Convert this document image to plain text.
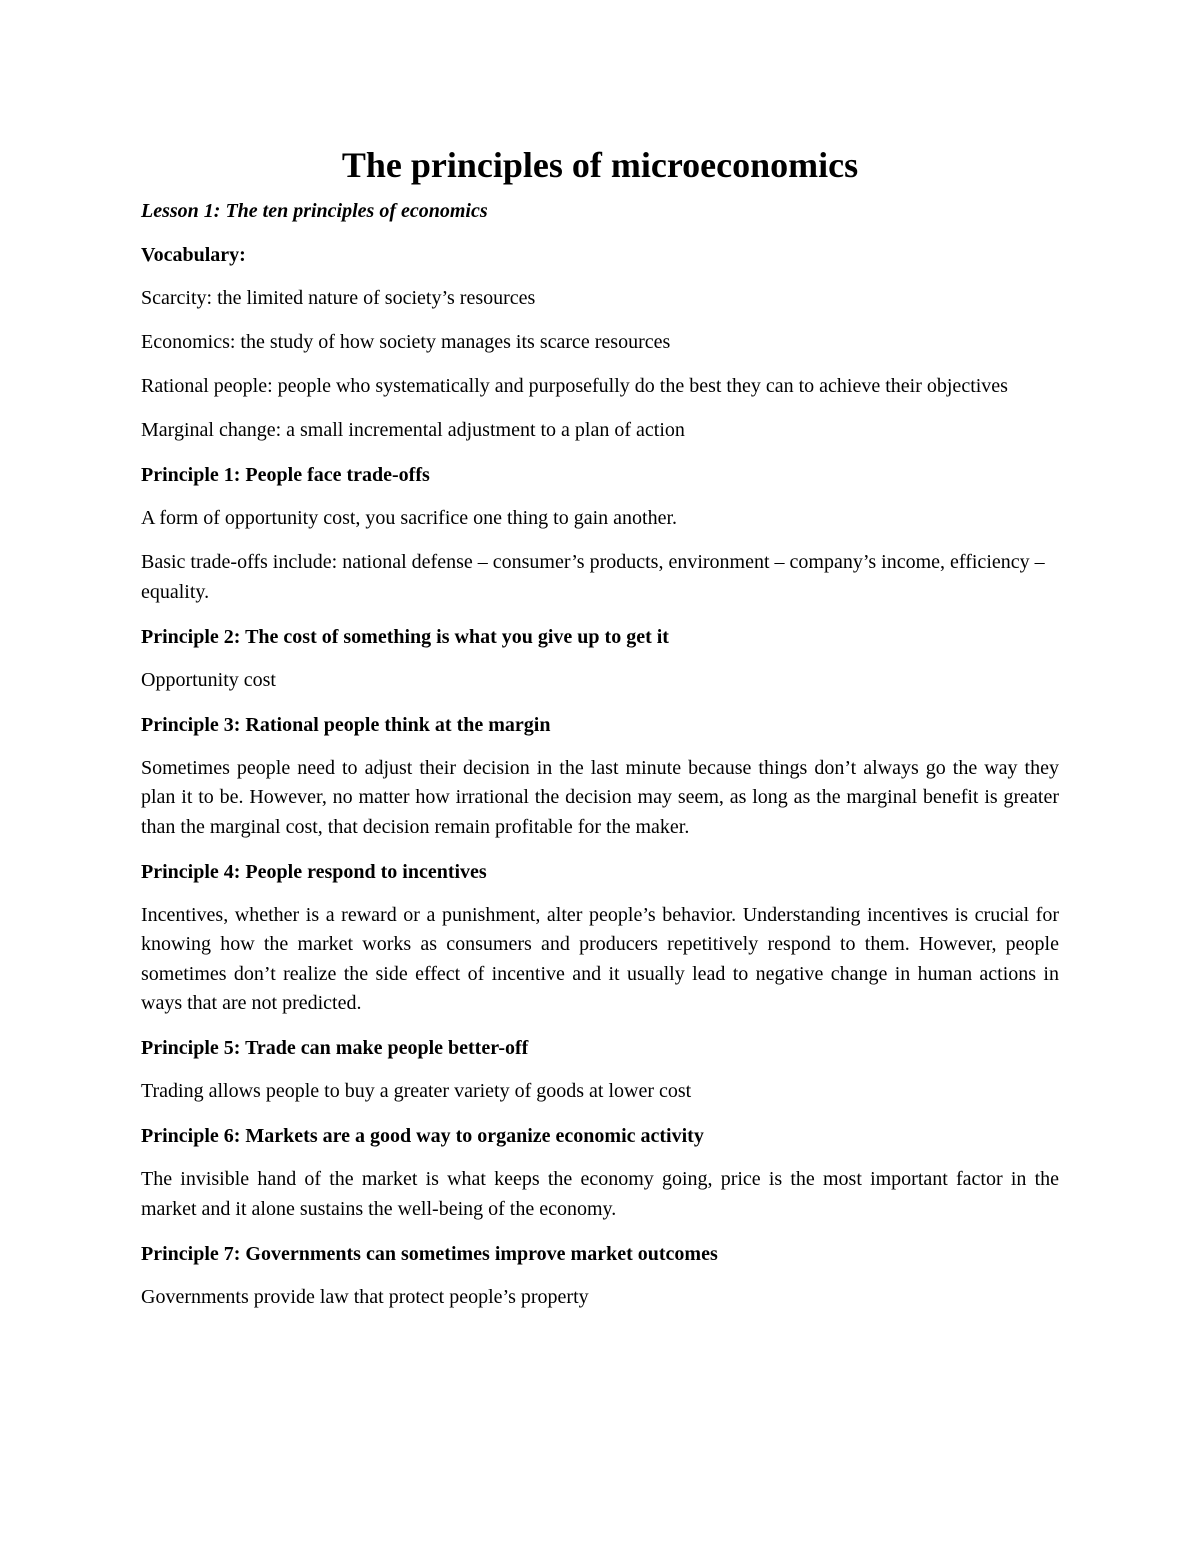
The principles of microeconomics
Lesson 1: The ten principles of economics
Vocabulary:
Scarcity: the limited nature of society’s resources
Economics: the study of how society manages its scarce resources
Rational people: people who systematically and purposefully do the best they can to achieve their objectives
Marginal change: a small incremental adjustment to a plan of action
Principle 1: People face trade-offs
A form of opportunity cost, you sacrifice one thing to gain another.
Basic trade-offs include: national defense – consumer’s products, environment – company’s income, efficiency – equality.
Principle 2: The cost of something is what you give up to get it
Opportunity cost
Principle 3: Rational people think at the margin
Sometimes people need to adjust their decision in the last minute because things don’t always go the way they plan it to be. However, no matter how irrational the decision may seem, as long as the marginal benefit is greater than the marginal cost, that decision remain profitable for the maker.
Principle 4: People respond to incentives
Incentives, whether is a reward or a punishment, alter people’s behavior. Understanding incentives is crucial for knowing how the market works as consumers and producers repetitively respond to them. However, people sometimes don’t realize the side effect of incentive and it usually lead to negative change in human actions in ways that are not predicted.
Principle 5: Trade can make people better-off
Trading allows people to buy a greater variety of goods at lower cost
Principle 6: Markets are a good way to organize economic activity
The invisible hand of the market is what keeps the economy going, price is the most important factor in the market and it alone sustains the well-being of the economy.
Principle 7: Governments can sometimes improve market outcomes
Governments provide law that protect people’s property
